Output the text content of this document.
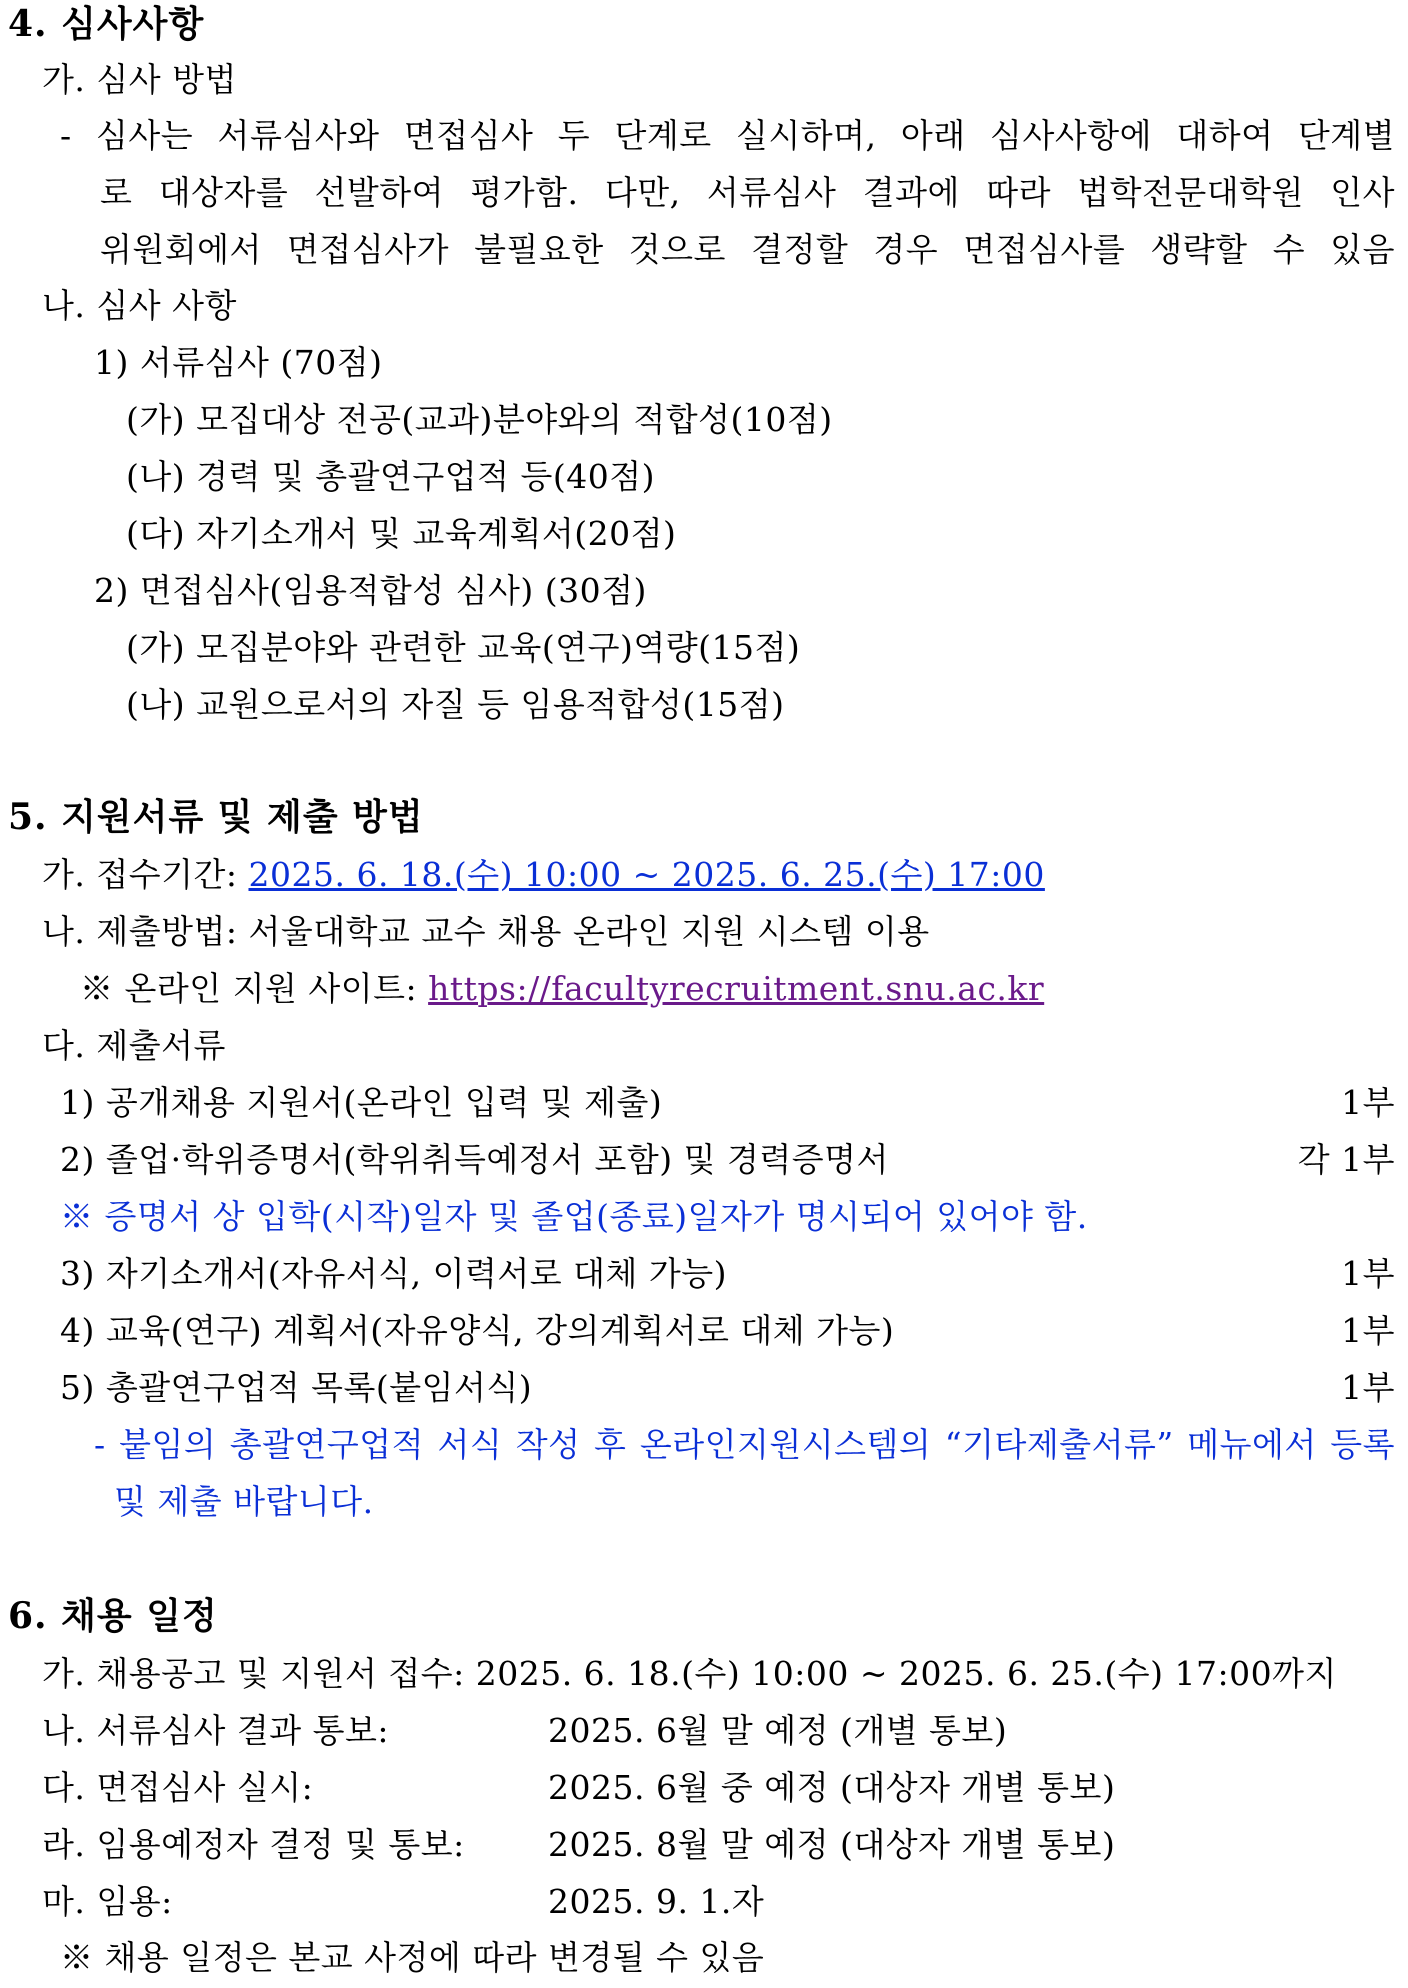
4. 심사사항
가. 심사 방법
- 심사는 서류심사와 면접심사 두 단계로 실시하며, 아래 심사사항에 대하여 단계별
로 대상자를 선발하여 평가함. 다만, 서류심사 결과에 따라 법학전문대학원 인사
위원회에서 면접심사가 불필요한 것으로 결정할 경우 면접심사를 생략할 수 있음
나. 심사 사항
1) 서류심사 (70점)
(가) 모집대상 전공(교과)분야와의 적합성(10점)
(나) 경력 및 총괄연구업적 등(40점)
(다) 자기소개서 및 교육계획서(20점)
2) 면접심사(임용적합성 심사) (30점)
(가) 모집분야와 관련한 교육(연구)역량(15점)
(나) 교원으로서의 자질 등 임용적합성(15점)
5. 지원서류 및 제출 방법
가. 접수기간: 2025. 6. 18.(수) 10:00 ~ 2025. 6. 25.(수) 17:00
나. 제출방법: 서울대학교 교수 채용 온라인 지원 시스템 이용
※ 온라인 지원 사이트: https://facultyrecruitment.snu.ac.kr
다. 제출서류
1) 공개채용 지원서(온라인 입력 및 제출)	1부
2) 졸업·학위증명서(학위취득예정서 포함) 및 경력증명서	각 1부
※ 증명서 상 입학(시작)일자 및 졸업(종료)일자가 명시되어 있어야 함.
3) 자기소개서(자유서식, 이력서로 대체 가능)	1부
4) 교육(연구) 계획서(자유양식, 강의계획서로 대체 가능)	1부
5) 총괄연구업적 목록(붙임서식)	1부
- 붙임의 총괄연구업적 서식 작성 후 온라인지원시스템의 “기타제출서류” 메뉴에서 등록
및 제출 바랍니다.
6. 채용 일정
가. 채용공고 및 지원서 접수: 2025. 6. 18.(수) 10:00 ~ 2025. 6. 25.(수) 17:00까지
나. 서류심사 결과 통보:	2025. 6월 말 예정 (개별 통보)
다. 면접심사 실시:	2025. 6월 중 예정 (대상자 개별 통보)
라. 임용예정자 결정 및 통보:	2025. 8월 말 예정 (대상자 개별 통보)
마. 임용:	2025. 9. 1.자
※ 채용 일정은 본교 사정에 따라 변경될 수 있음
